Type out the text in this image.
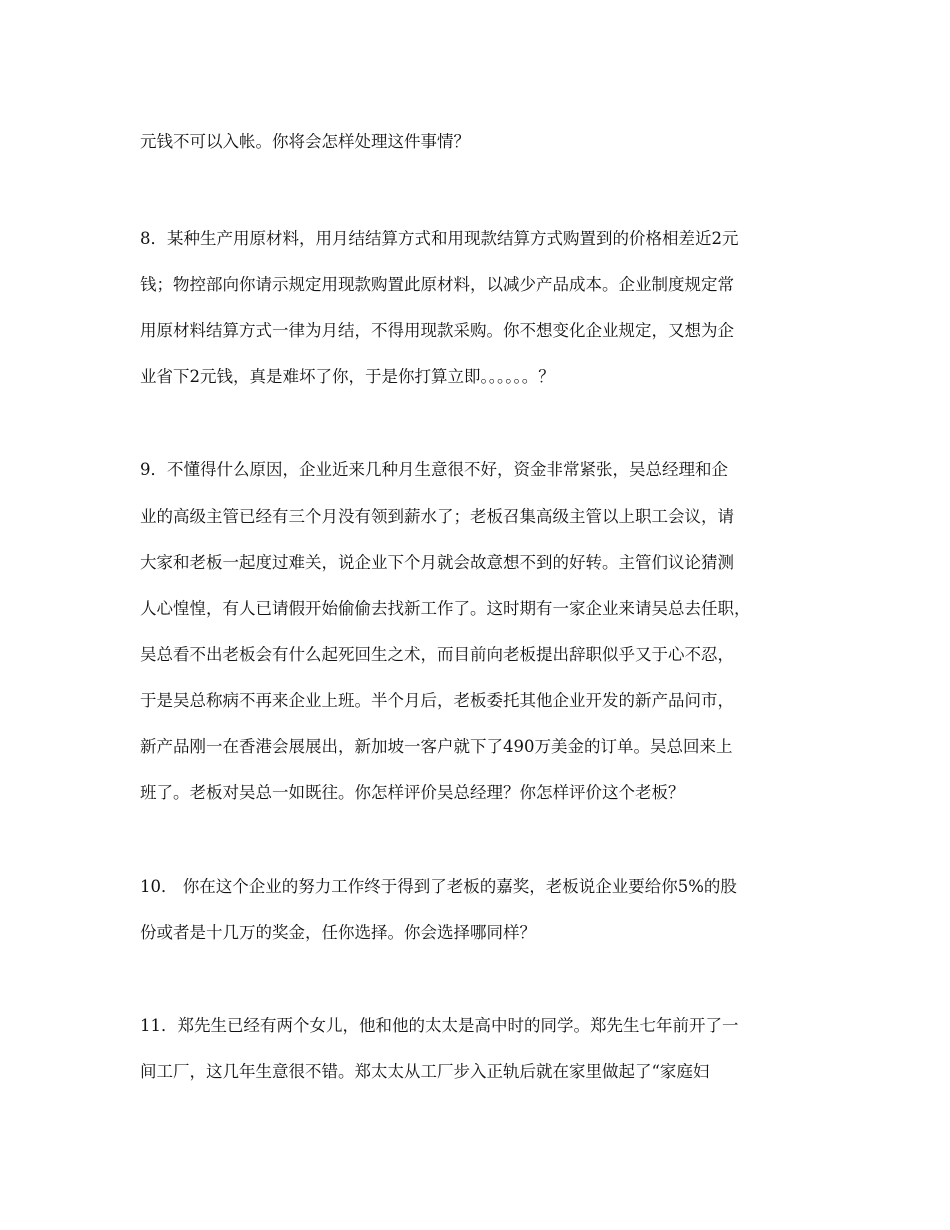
元钱不可以入帐。你将会怎样处理这件事情？
8．某种生产用原材料，用月结结算方式和用现款结算方式购置到的价格相差近2元
钱；物控部向你请示规定用现款购置此原材料，以减少产品成本。企业制度规定常
用原材料结算方式一律为月结，不得用现款采购。你不想变化企业规定，又想为企
业省下2元钱，真是难坏了你，于是你打算立即。。。。。。？
9．不懂得什么原因，企业近来几种月生意很不好，资金非常紧张，吴总经理和企
业的高级主管已经有三个月没有领到薪水了；老板召集高级主管以上职工会议，请
大家和老板一起度过难关，说企业下个月就会故意想不到的好转。主管们议论猜测
人心惶惶，有人已请假开始偷偷去找新工作了。这时期有一家企业来请吴总去任职，
吴总看不出老板会有什么起死回生之术，而目前向老板提出辞职似乎又于心不忍，
于是吴总称病不再来企业上班。半个月后，老板委托其他企业开发的新产品问市，
新产品刚一在香港会展展出，新加坡一客户就下了490万美金的订单。吴总回来上
班了。老板对吴总一如既往。你怎样评价吴总经理？你怎样评价这个老板？
10． 你在这个企业的努力工作终于得到了老板的嘉奖，老板说企业要给你5%的股
份或者是十几万的奖金，任你选择。你会选择哪同样？
11．郑先生已经有两个女儿，他和他的太太是高中时的同学。郑先生七年前开了一
间工厂，这几年生意很不错。郑太太从工厂步入正轨后就在家里做起了“家庭妇
